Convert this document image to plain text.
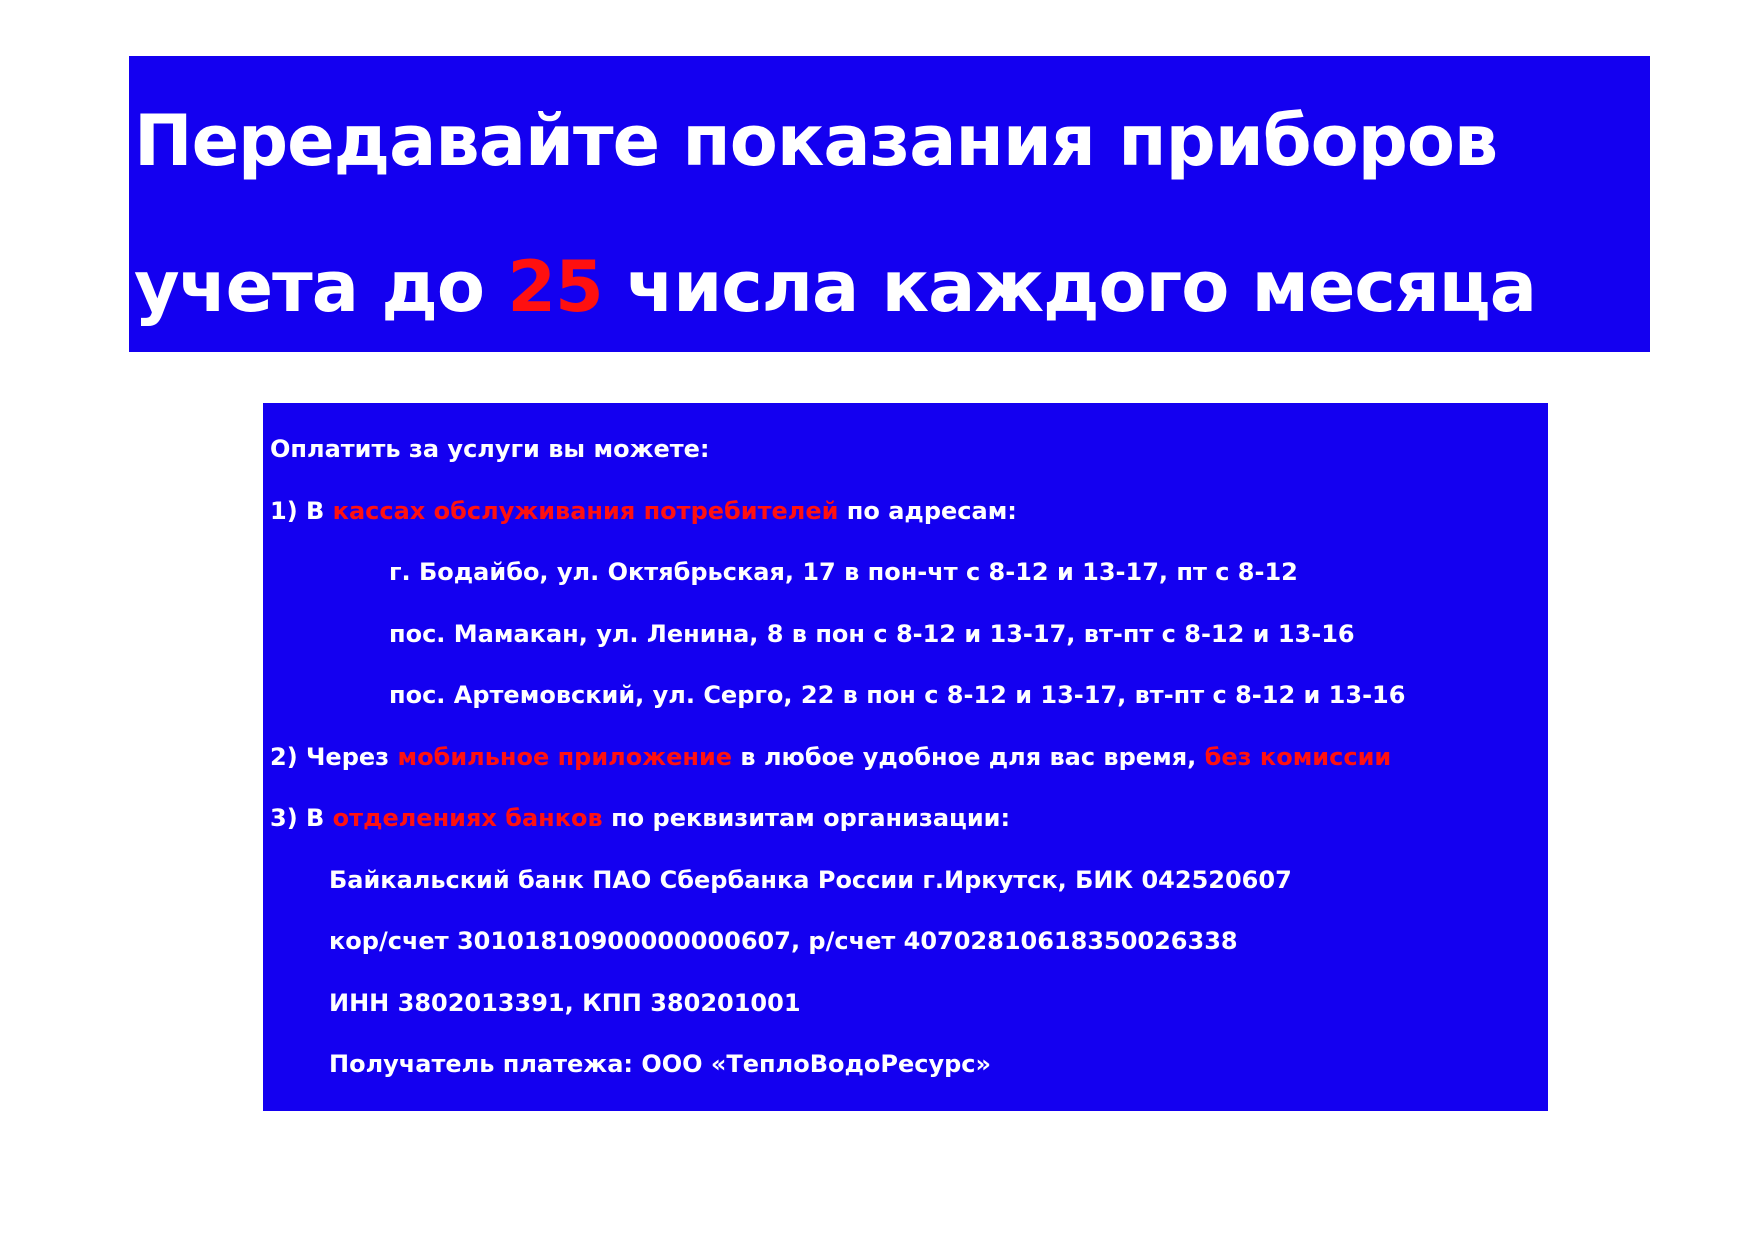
Передавайте показания приборов
учета до 25 числа каждого месяца
Оплатить за услуги вы можете:
1) В кассах обслуживания потребителей по адресам:
г. Бодайбо, ул. Октябрьская, 17 в пон-чт с 8-12 и 13-17, пт с 8-12
пос. Мамакан, ул. Ленина, 8 в пон с 8-12 и 13-17, вт-пт с 8-12 и 13-16
пос. Артемовский, ул. Серго, 22 в пон с 8-12 и 13-17, вт-пт с 8-12 и 13-16
2) Через мобильное приложение в любое удобное для вас время, без комиссии
3) В отделениях банков по реквизитам организации:
Байкальский банк ПАО Сбербанка России г.Иркутск, БИК 042520607
кор/счет 30101810900000000607, р/счет 40702810618350026338
ИНН 3802013391, КПП 380201001
Получатель платежа: ООО «ТеплоВодоРесурс»
